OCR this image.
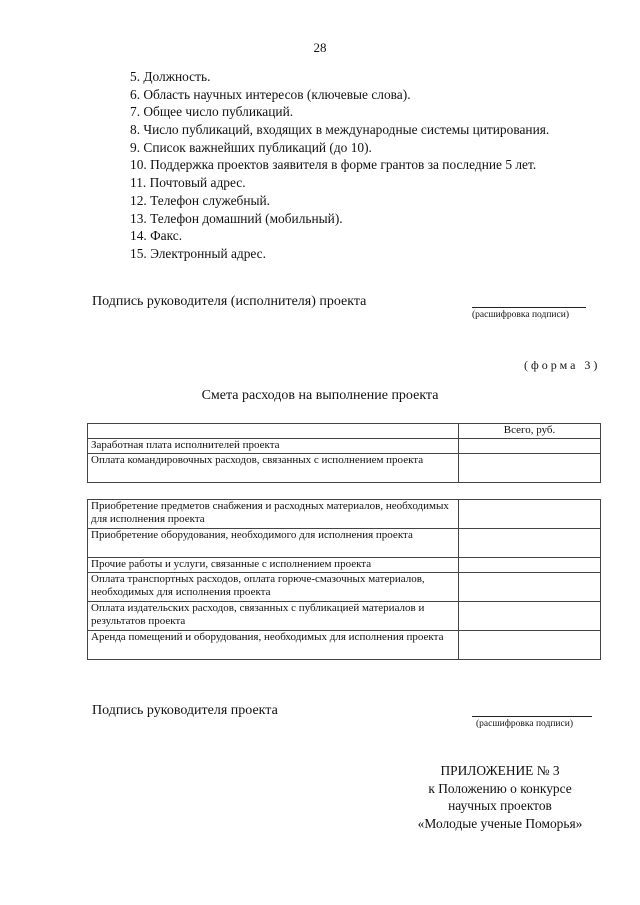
28
5. Должность.
6. Область научных интересов (ключевые слова).
7. Общее число публикаций.
8. Число публикаций, входящих в международные системы цитирования.
9. Список важнейших публикаций (до 10).
10. Поддержка проектов заявителя в форме грантов за последние 5 лет.
11. Почтовый адрес.
12. Телефон служебный.
13. Телефон домашний (мобильный).
14. Факс.
15. Электронный адрес.
Подпись руководителя (исполнителя) проекта
(расшифровка подписи)
(форма 3)
Смета расходов на выполнение проекта
	Всего, руб.
Заработная плата исполнителей проекта	
Оплата командировочных расходов, связанных с исполнением проекта	
Приобретение предметов снабжения и расходных материалов, необходимых для исполнения проекта	
Приобретение оборудования, необходимого для исполнения проекта	
Прочие работы и услуги, связанные с исполнением проекта	
Оплата транспортных расходов, оплата горюче-смазочных материалов, необходимых для исполнения проекта	
Оплата издательских расходов, связанных с публикацией материалов и результатов проекта	
Аренда помещений и оборудования, необходимых для исполнения проекта	
Подпись руководителя проекта
(расшифровка подписи)
ПРИЛОЖЕНИЕ № 3
к Положению о конкурсе
научных проектов
«Молодые ученые Поморья»
